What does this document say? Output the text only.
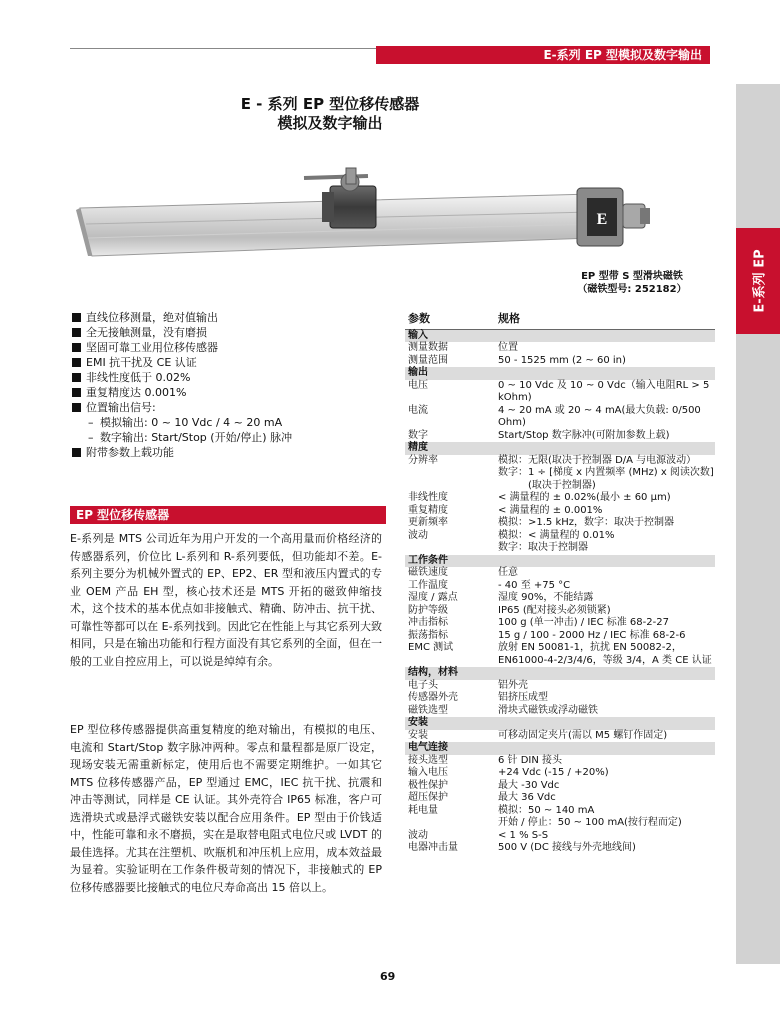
E-系列 EP 型模拟及数字输出
E-系列 EP
E - 系列 EP 型位移传感器
模拟及数字输出
E
EP 型带 S 型滑块磁铁
（磁铁型号: 252182）
直线位移测量，绝对值输出
全无接触测量，没有磨损
坚固可靠工业用位移传感器
EMI 抗干扰及 CE 认证
非线性度低于 0.02%
重复精度达 0.001%
位置输出信号:
– 模拟输出: 0 ~ 10 Vdc / 4 ~ 20 mA
– 数字输出: Start/Stop (开始/停止) 脉冲
附带参数上载功能
EP 型位移传感器
E-系列是 MTS 公司近年为用户开发的一个高用量而价格经济的传感器系列，价位比 L-系列和 R-系列要低，但功能却不差。E-系列主要分为机械外置式的 EP、EP2、ER 型和液压内置式的专业 OEM 产品 EH 型，核心技术还是 MTS 开拓的磁致伸缩技术，这个技术的基本优点如非接触式、精确、防冲击、抗干扰、可靠性等都可以在 E-系列找到。因此它在性能上与其它系列大致相同，只是在输出功能和行程方面没有其它系列的全面，但在一般的工业自控应用上，可以说是绰绰有余。
EP 型位移传感器提供高重复精度的绝对输出，有模拟的电压、电流和 Start/Stop 数字脉冲两种。零点和量程都是原厂设定，现场安装无需重新标定，使用后也不需要定期维护。一如其它 MTS 位移传感器产品，EP 型通过 EMC，IEC 抗干扰、抗震和冲击等测试，同样是 CE 认证。其外壳符合 IP65 标准，客户可选滑块式或悬浮式磁铁安装以配合应用条件。EP 型由于价钱适中，性能可靠和永不磨损，实在是取替电阻式电位尺或 LVDT 的最佳选择。尤其在注塑机、吹瓶机和冲压机上应用，成本效益最为显着。实验证明在工作条件极苛刻的情况下，非接触式的 EP 位移传感器要比接触式的电位尺寿命高出 15 倍以上。
参数	规格
输入	
测量数据	位置
测量范围	50 - 1525 mm (2 ~ 60 in)
输出	
电压	0 ~ 10 Vdc 及 10 ~ 0 Vdc（输入电阻RL > 5 kOhm)
电流	4 ~ 20 mA 或 20 ~ 4 mA(最大负载: 0/500 Ohm)
数字	Start/Stop 数字脉冲(可附加参数上载)
精度	
分辨率	模拟：无限(取决于控制器 D/A 与电源波动）
	数字：1 ÷ [梯度 x 内置频率 (MHz) x 阅读次数]
	　　　(取决于控制器)
非线性度	< 满量程的 ± 0.02%(最小 ± 60 μm)
重复精度	< 满量程的 ± 0.001%
更新频率	模拟：>1.5 kHz，数字：取决于控制器
波动	模拟：< 满量程的 0.01%
	数字：取决于控制器
工作条件	
磁铁速度	任意
工作温度	- 40 至 +75 °C
湿度 / 露点	湿度 90%，不能结露
防护等级	IP65 (配对接头必须锁紧)
冲击指标	100 g (单一冲击) / IEC 标准 68-2-27
振荡指标	15 g / 100 - 2000 Hz / IEC 标准 68-2-6
EMC 测试	放射 EN 50081-1，抗扰 EN 50082-2，
	EN61000-4-2/3/4/6，等级 3/4，A 类 CE 认证
结构，材料	
电子头	铝外壳
传感器外壳	铝挤压成型
磁铁选型	滑块式磁铁或浮动磁铁
安装	
安装	可移动固定夹片(需以 M5 螺钉作固定)
电气连接	
接头选型	6 针 DIN 接头
输入电压	+24 Vdc (-15 / +20%)
极性保护	最大 -30 Vdc
超压保护	最大 36 Vdc
耗电量	模拟：50 ~ 140 mA
	开始 / 停止：50 ~ 100 mA(按行程而定)
波动	< 1 % S-S
电器冲击量	500 V (DC 接线与外壳地线间)
69
